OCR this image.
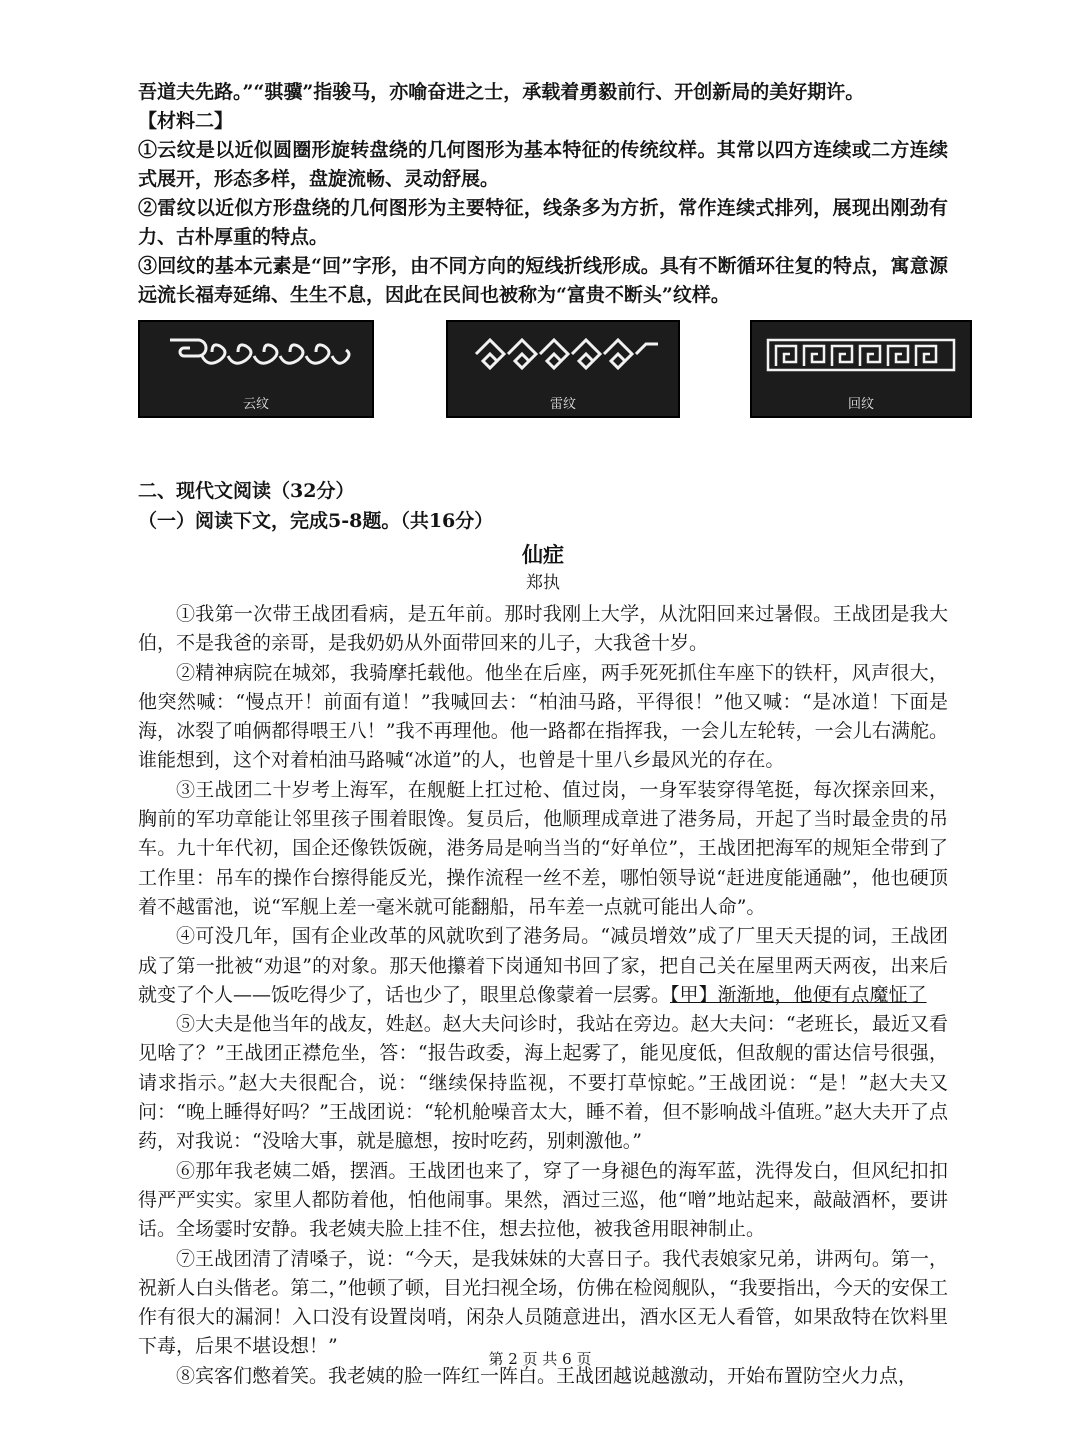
吾道夫先路。”“骐骥”指骏马，亦喻奋进之士，承载着勇毅前行、开创新局的美好期许。

【材料二】

①云纹是以近似圆圈形旋转盘绕的几何图形为基本特征的传统纹样。其常以四方连续或二方连续式展开，形态多样，盘旋流畅、灵动舒展。

②雷纹以近似方形盘绕的几何图形为主要特征，线条多为方折，常作连续式排列，展现出刚劲有力、古朴厚重的特点。

③回纹的基本元素是“回”字形，由不同方向的短线折线形成。具有不断循环往复的特点，寓意源远流长福寿延绵、生生不息，因此在民间也被称为“富贵不断头”纹样。

云纹	雷纹	回纹

二、现代文阅读（32分）

（一）阅读下文，完成5-8题。（共16分）

仙症

郑执

①我第一次带王战团看病，是五年前。那时我刚上大学，从沈阳回来过暑假。王战团是我大伯，不是我爸的亲哥，是我奶奶从外面带回来的儿子，大我爸十岁。

②精神病院在城郊，我骑摩托载他。他坐在后座，两手死死抓住车座下的铁杆，风声很大，他突然喊：“慢点开！前面有道！”我喊回去：“柏油马路，平得很！”他又喊：“是冰道！下面是海，冰裂了咱俩都得喂王八！”我不再理他。他一路都在指挥我，一会儿左轮转，一会儿右满舵。谁能想到，这个对着柏油马路喊“冰道”的人，也曾是十里八乡最风光的存在。

③王战团二十岁考上海军，在舰艇上扛过枪、值过岗，一身军装穿得笔挺，每次探亲回来，胸前的军功章能让邻里孩子围着眼馋。复员后，他顺理成章进了港务局，开起了当时最金贵的吊车。九十年代初，国企还像铁饭碗，港务局是响当当的“好单位”，王战团把海军的规矩全带到了工作里：吊车的操作台擦得能反光，操作流程一丝不差，哪怕领导说“赶进度能通融”，他也硬顶着不越雷池，说“军舰上差一毫米就可能翻船，吊车差一点就可能出人命”。

④可没几年，国有企业改革的风就吹到了港务局。“减员增效”成了厂里天天提的词，王战团成了第一批被“劝退”的对象。那天他攥着下岗通知书回了家，把自己关在屋里两天两夜，出来后就变了个人——饭吃得少了，话也少了，眼里总像蒙着一层雾。【甲】渐渐地，他便有点魔怔了

⑤大夫是他当年的战友，姓赵。赵大夫问诊时，我站在旁边。赵大夫问：“老班长，最近又看见啥了？”王战团正襟危坐，答：“报告政委，海上起雾了，能见度低，但敌舰的雷达信号很强，请求指示。”赵大夫很配合，说：“继续保持监视，不要打草惊蛇。”王战团说：“是！”赵大夫又问：“晚上睡得好吗？”王战团说：“轮机舱噪音太大，睡不着，但不影响战斗值班。”赵大夫开了点药，对我说：“没啥大事，就是臆想，按时吃药，别刺激他。”

⑥那年我老姨二婚，摆酒。王战团也来了，穿了一身褪色的海军蓝，洗得发白，但风纪扣扣得严严实实。家里人都防着他，怕他闹事。果然，酒过三巡，他“噌”地站起来，敲敲酒杯，要讲话。全场霎时安静。我老姨夫脸上挂不住，想去拉他，被我爸用眼神制止。

⑦王战团清了清嗓子，说：“今天，是我妹妹的大喜日子。我代表娘家兄弟，讲两句。第一，祝新人白头偕老。第二，”他顿了顿，目光扫视全场，仿佛在检阅舰队，“我要指出，今天的安保工作有很大的漏洞！入口没有设置岗哨，闲杂人员随意进出，酒水区无人看管，如果敌特在饮料里下毒，后果不堪设想！”

⑧宾客们憋着笑。我老姨的脸一阵红一阵白。王战团越说越激动，开始布置防空火力点，

第 2 页 共 6 页
